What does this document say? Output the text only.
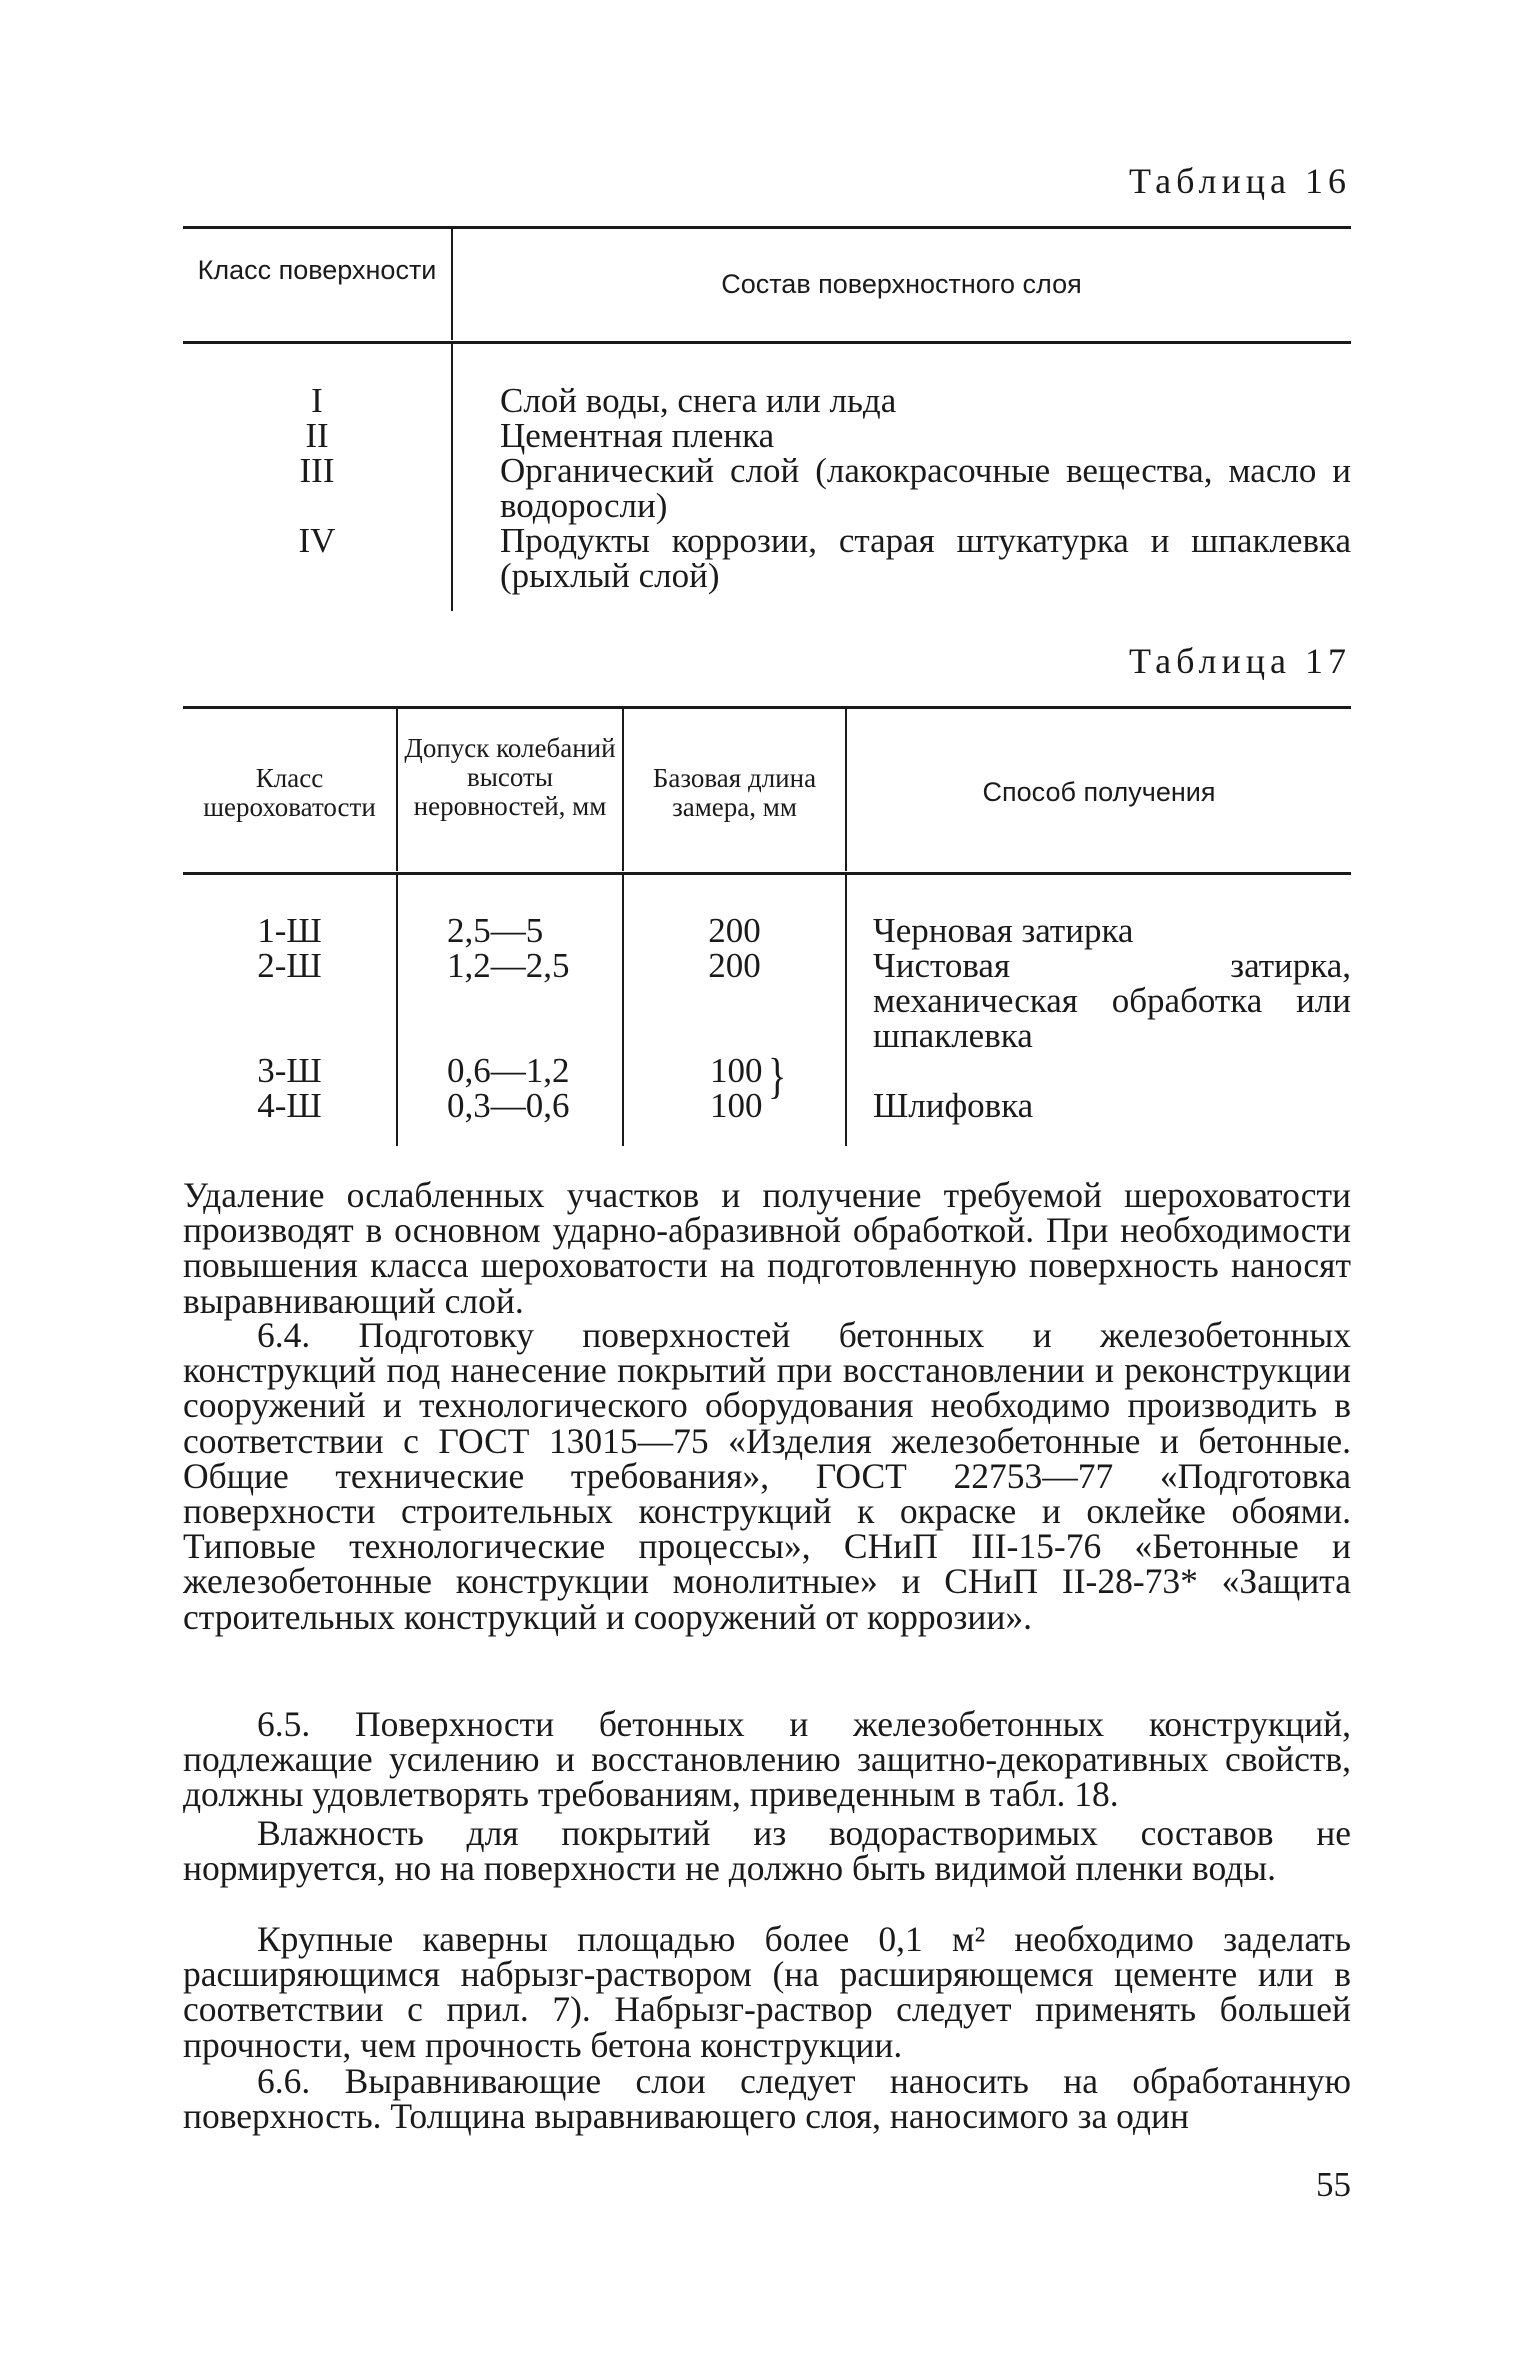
Таблица 16
Класс поверхности	Состав поверхностного слоя
I
II
III
IV
Слой воды, снега или льда
Цементная пленка
Органический слой (лакокрасочные вещества, масло и водоросли)
Продукты коррозии, старая штукатурка и шпаклевка (рыхлый слой)
Таблица 17
Класс шероховатости
Допуск колебаний высоты неровностей, мм
Базовая длина замера, мм	Способ получения
1-Ш
2-Ш
3-Ш
4-Ш
2,5—5
1,2—2,5
0,6—1,2
0,3—0,6
200
200
100
100
}
Черновая затирка
Чистовая затирка, механическая обработка или шпаклевка
Шлифовка
Удаление ослабленных участков и получение требуемой шероховатости производят в основном ударно-абразивной обработкой. При необходимости повышения класса шероховатости на подготовленную поверхность наносят выравнивающий слой.
6.4. Подготовку поверхностей бетонных и железобетонных конструкций под нанесение покрытий при восстановлении и реконструкции сооружений и технологического оборудования необходимо производить в соответствии с ГОСТ 13015—75 «Изделия железобетонные и бетонные. Общие технические требования», ГОСТ 22753—77 «Подготовка поверхности строительных конструкций к окраске и оклейке обоями. Типовые технологические процессы», СНиП III-15-76 «Бетонные и железобетонные конструкции монолитные» и СНиП II-28-73* «Защита строительных конструкций и сооружений от коррозии».
6.5. Поверхности бетонных и железобетонных конструкций, подлежащие усилению и восстановлению защитно-декоративных свойств, должны удовлетворять требованиям, приведенным в табл. 18.
Влажность для покрытий из водорастворимых составов не нормируется, но на поверхности не должно быть видимой пленки воды.
Крупные каверны площадью более 0,1 м² необходимо заделать расширяющимся набрызг-раствором (на расширяющемся цементе или в соответствии с прил. 7). Набрызг-раствор следует применять большей прочности, чем прочность бетона конструкции.
6.6. Выравнивающие слои следует наносить на обработанную поверхность. Толщина выравнивающего слоя, наносимого за один
55
